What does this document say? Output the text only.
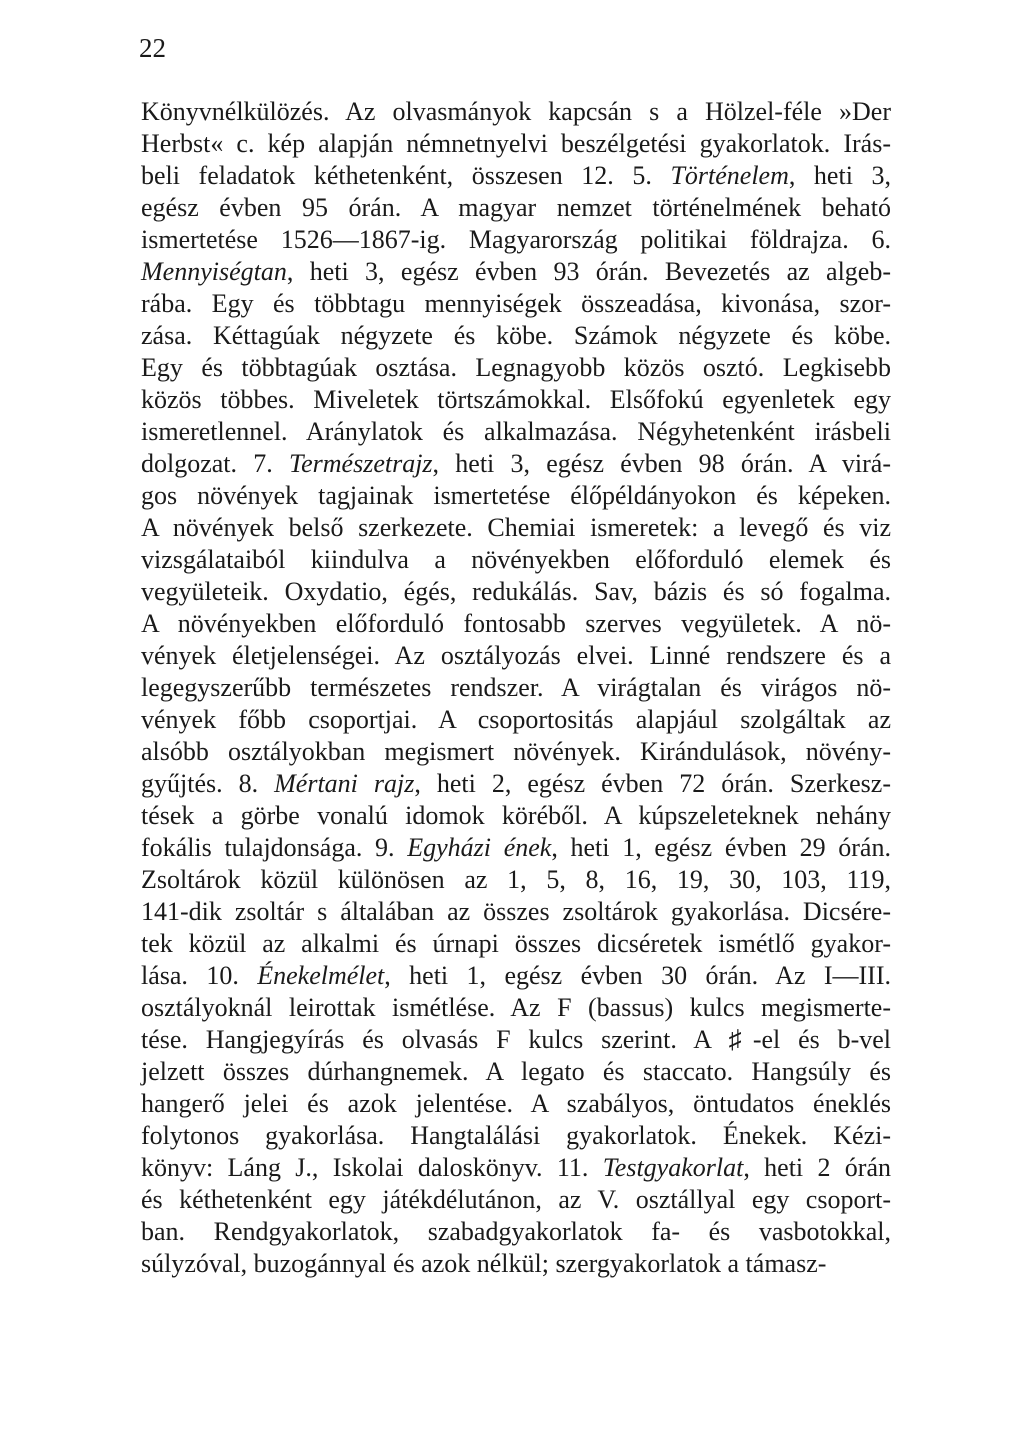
22
Könyvnélkülözés. Az olvasmányok kapcsán s a Hölzel-féle »Der
Herbst« c. kép alapján némnetnyelvi beszélgetési gyakorlatok. Irás-
beli feladatok kéthetenként, összesen 12. 5. Történelem, heti 3,
egész évben 95 órán. A magyar nemzet történelmének beható
ismertetése 1526—1867-ig. Magyarország politikai földrajza. 6.
Mennyiségtan, heti 3, egész évben 93 órán. Bevezetés az algeb-
rába. Egy és többtagu mennyiségek összeadása, kivonása, szor-
zása. Kéttagúak négyzete és köbe. Számok négyzete és köbe.
Egy és többtagúak osztása. Legnagyobb közös osztó. Legkisebb
közös többes. Miveletek törtszámokkal. Elsőfokú egyenletek egy
ismeretlennel. Aránylatok és alkalmazása. Négyhetenként irásbeli
dolgozat. 7. Természetrajz, heti 3, egész évben 98 órán. A virá-
gos növények tagjainak ismertetése élőpéldányokon és képeken.
A növények belső szerkezete. Chemiai ismeretek: a levegő és viz
vizsgálataiból kiindulva a növényekben előforduló elemek és
vegyületeik. Oxydatio, égés, redukálás. Sav, bázis és só fogalma.
A növényekben előforduló fontosabb szerves vegyületek. A nö-
vények életjelenségei. Az osztályozás elvei. Linné rendszere és a
legegyszerűbb természetes rendszer. A virágtalan és virágos nö-
vények főbb csoportjai. A csoportositás alapjául szolgáltak az
alsóbb osztályokban megismert növények. Kirándulások, növény-
gyűjtés. 8. Mértani rajz, heti 2, egész évben 72 órán. Szerkesz-
tések a görbe vonalú idomok köréből. A kúpszeleteknek nehány
fokális tulajdonsága. 9. Egyházi ének, heti 1, egész évben 29 órán.
Zsoltárok közül különösen az 1, 5, 8, 16, 19, 30, 103, 119,
141-dik zsoltár s általában az összes zsoltárok gyakorlása. Dicsére-
tek közül az alkalmi és úrnapi összes dicséretek ismétlő gyakor-
lása. 10. Énekelmélet, heti 1, egész évben 30 órán. Az I—III.
osztályoknál leirottak ismétlése. Az F (bassus) kulcs megismerte-
tése. Hangjegyírás és olvasás F kulcs szerint. A ♯-el és b-vel
jelzett összes dúrhangnemek. A legato és staccato. Hangsúly és
hangerő jelei és azok jelentése. A szabályos, öntudatos éneklés
folytonos gyakorlása. Hangtalálási gyakorlatok. Énekek. Kézi-
könyv: Láng J., Iskolai daloskönyv. 11. Testgyakorlat, heti 2 órán
és kéthetenként egy játékdélutánon, az V. osztállyal egy csoport-
ban. Rendgyakorlatok, szabadgyakorlatok fa- és vasbotokkal,
súlyzóval, buzogánnyal és azok nélkül; szergyakorlatok a támasz-
